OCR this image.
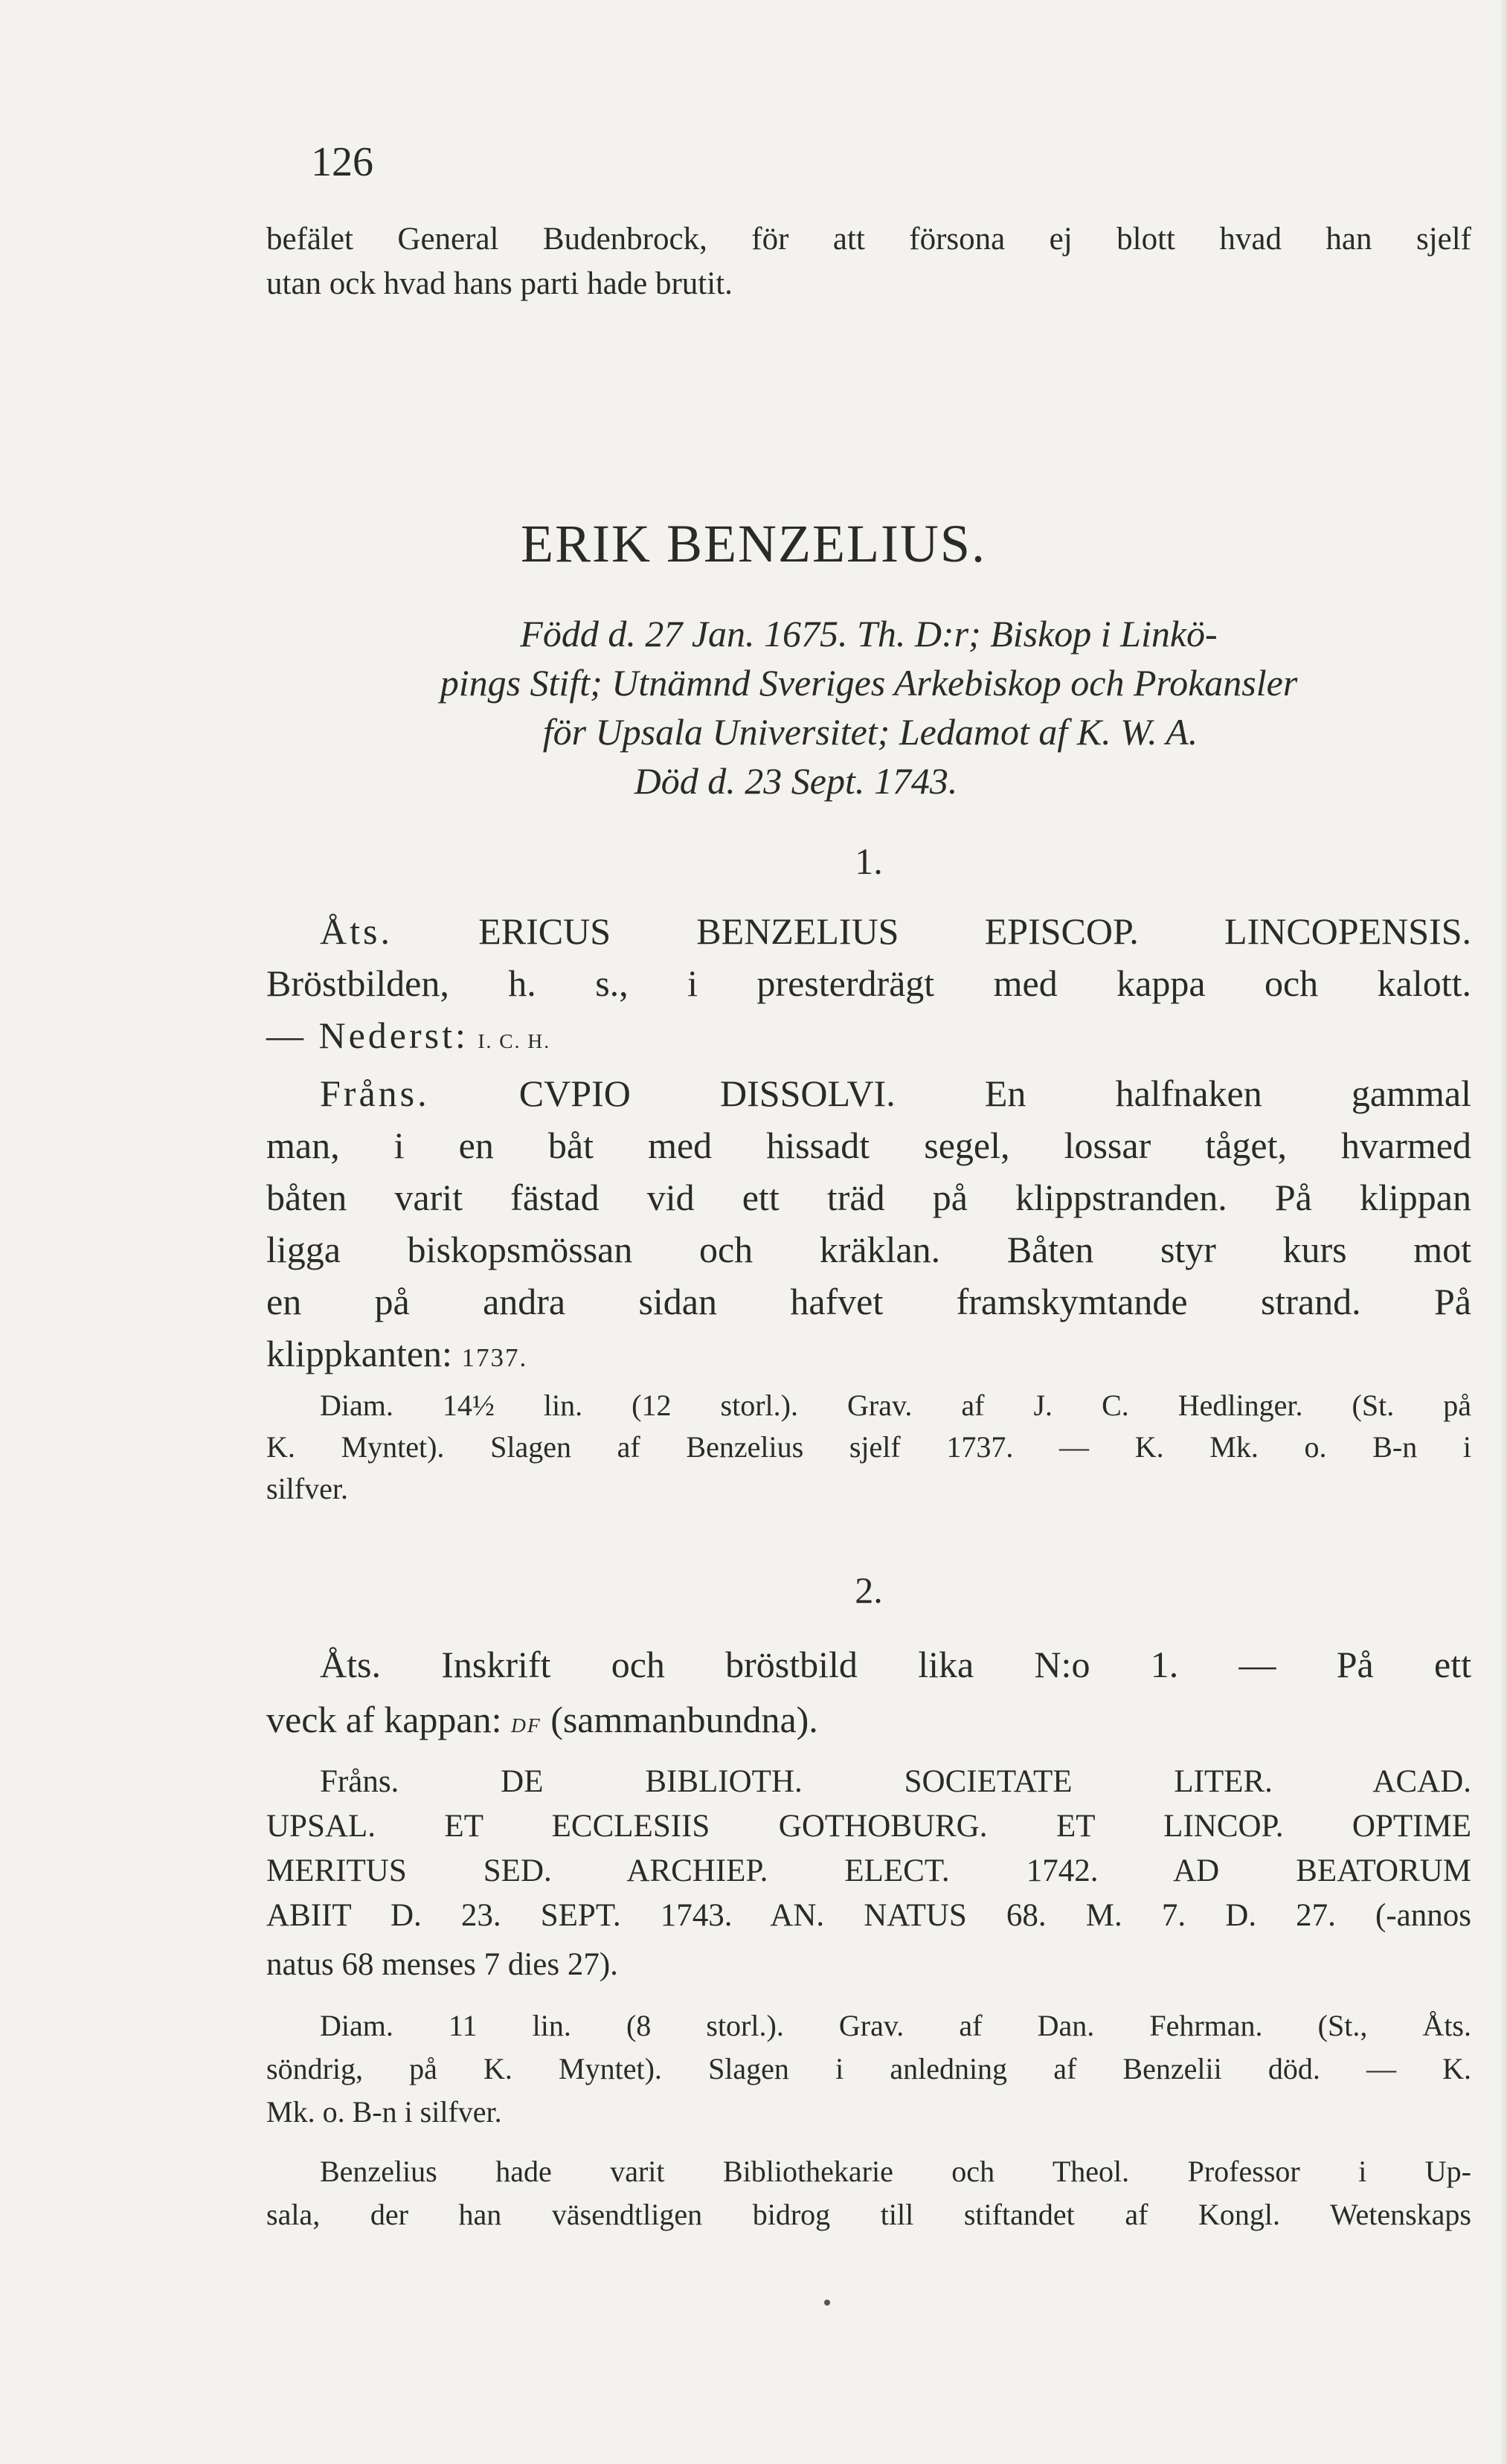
126
befälet General Budenbrock, för att försona ej blott hvad han sjelf
utan ock hvad hans parti hade brutit.
ERIK BENZELIUS.
Född d. 27 Jan. 1675. Th. D:r; Biskop i Linkö-
pings Stift; Utnämnd Sveriges Arkebiskop och Prokansler
för Upsala Universitet; Ledamot af K. W. A.
Död d. 23 Sept. 1743.
1.
Åts. ERICUS BENZELIUS EPISCOP. LINCOPENSIS.
Bröstbilden, h. s., i presterdrägt med kappa och kalott.
— Nederst: I. C. H.
Fråns. CVPIO DISSOLVI. En halfnaken gammal
man, i en båt med hissadt segel, lossar tåget, hvarmed
båten varit fästad vid ett träd på klippstranden. På klippan
ligga biskopsmössan och kräklan. Båten styr kurs mot
en på andra sidan hafvet framskymtande strand. På
klippkanten: 1737.
Diam. 14½ lin. (12 storl.). Grav. af J. C. Hedlinger. (St. på
K. Myntet). Slagen af Benzelius sjelf 1737. — K. Mk. o. B-n i
silfver.
2.
Åts. Inskrift och bröstbild lika N:o 1. — På ett
veck af kappan: DF (sammanbundna).
Fråns. DE BIBLIOTH. SOCIETATE LITER. ACAD.
UPSAL. ET ECCLESIIS GOTHOBURG. ET LINCOP. OPTIME
MERITUS SED. ARCHIEP. ELECT. 1742. AD BEATORUM
ABIIT D. 23. SEPT. 1743. AN. NATUS 68. M. 7. D. 27. (-annos
natus 68 menses 7 dies 27).
Diam. 11 lin. (8 storl.). Grav. af Dan. Fehrman. (St., Åts.
söndrig, på K. Myntet). Slagen i anledning af Benzelii död. — K.
Mk. o. B-n i silfver.
Benzelius hade varit Bibliothekarie och Theol. Professor i Up-
sala, der han väsendtligen bidrog till stiftandet af Kongl. Wetenskaps
